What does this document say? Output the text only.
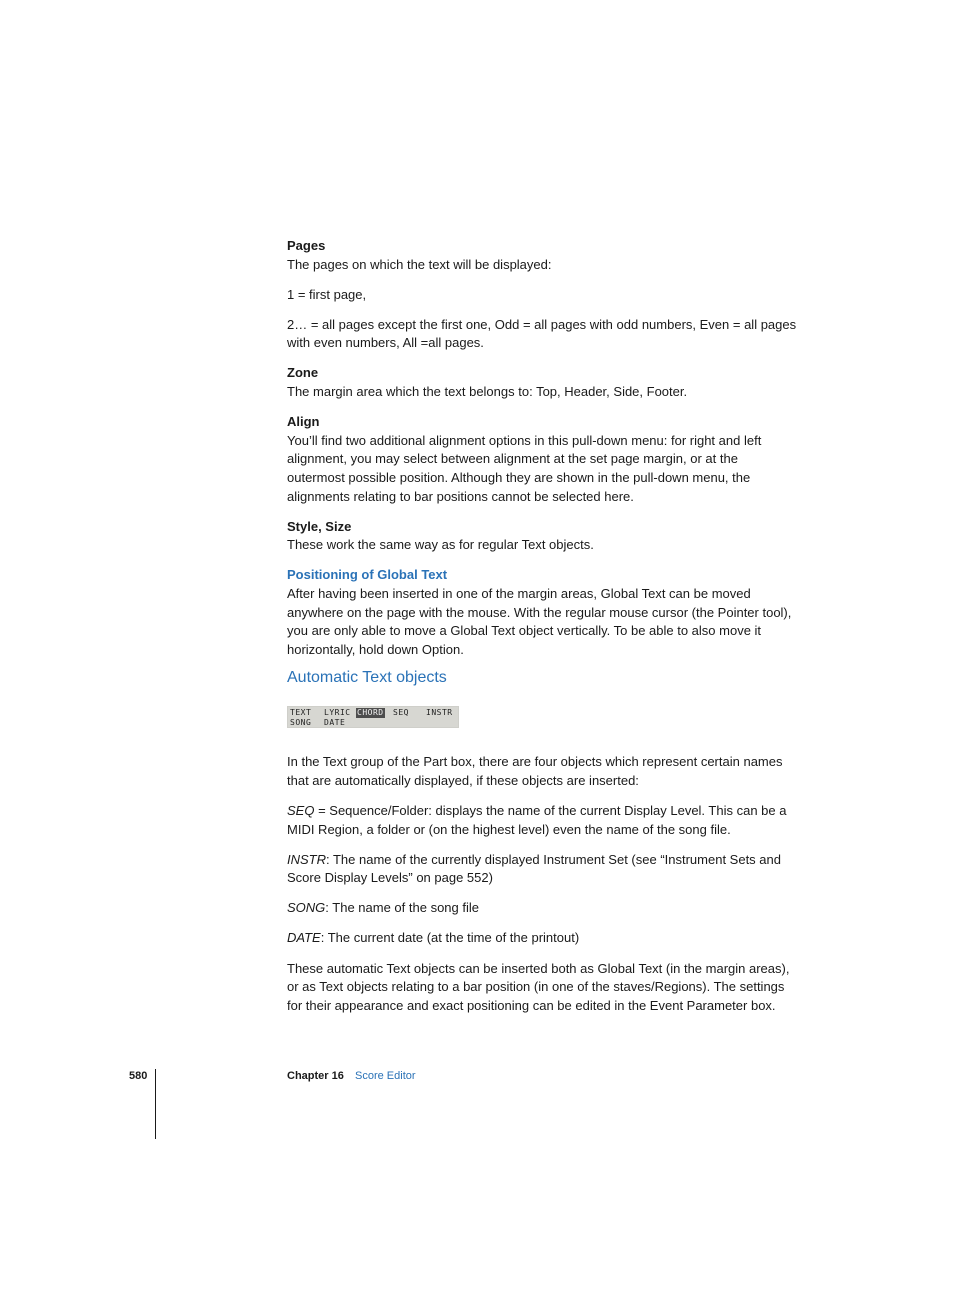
Pages

The pages on which the text will be displayed:

1 = first page,

2… = all pages except the first one, Odd = all pages with odd numbers, Even = all pages with even numbers, All =all pages.

Zone

The margin area which the text belongs to: Top, Header, Side, Footer.

Align

You’ll find two additional alignment options in this pull-down menu: for right and left alignment, you may select between alignment at the set page margin, or at the outermost possible position. Although they are shown in the pull-down menu, the alignments relating to bar positions cannot be selected here.

Style, Size

These work the same way as for regular Text objects.

Positioning of Global Text

After having been inserted in one of the margin areas, Global Text can be moved anywhere on the page with the mouse. With the regular mouse cursor (the Pointer tool), you are only able to move a Global Text object vertically. To be able to also move it horizontally, hold down Option.

Automatic Text objects
TEXT LYRIC CHORD SEQ INSTR
SONG DATE

In the Text group of the Part box, there are four objects which represent certain names that are automatically displayed, if these objects are inserted:

SEQ = Sequence/Folder: displays the name of the current Display Level. This can be a MIDI Region, a folder or (on the highest level) even the name of the song file.

INSTR: The name of the currently displayed Instrument Set (see “Instrument Sets and Score Display Levels” on page 552)

SONG: The name of the song file

DATE: The current date (at the time of the printout)

These automatic Text objects can be inserted both as Global Text (in the margin areas), or as Text objects relating to a bar position (in one of the staves/Regions). The settings for their appearance and exact positioning can be edited in the Event Parameter box.

580	Chapter 16 Score Editor
